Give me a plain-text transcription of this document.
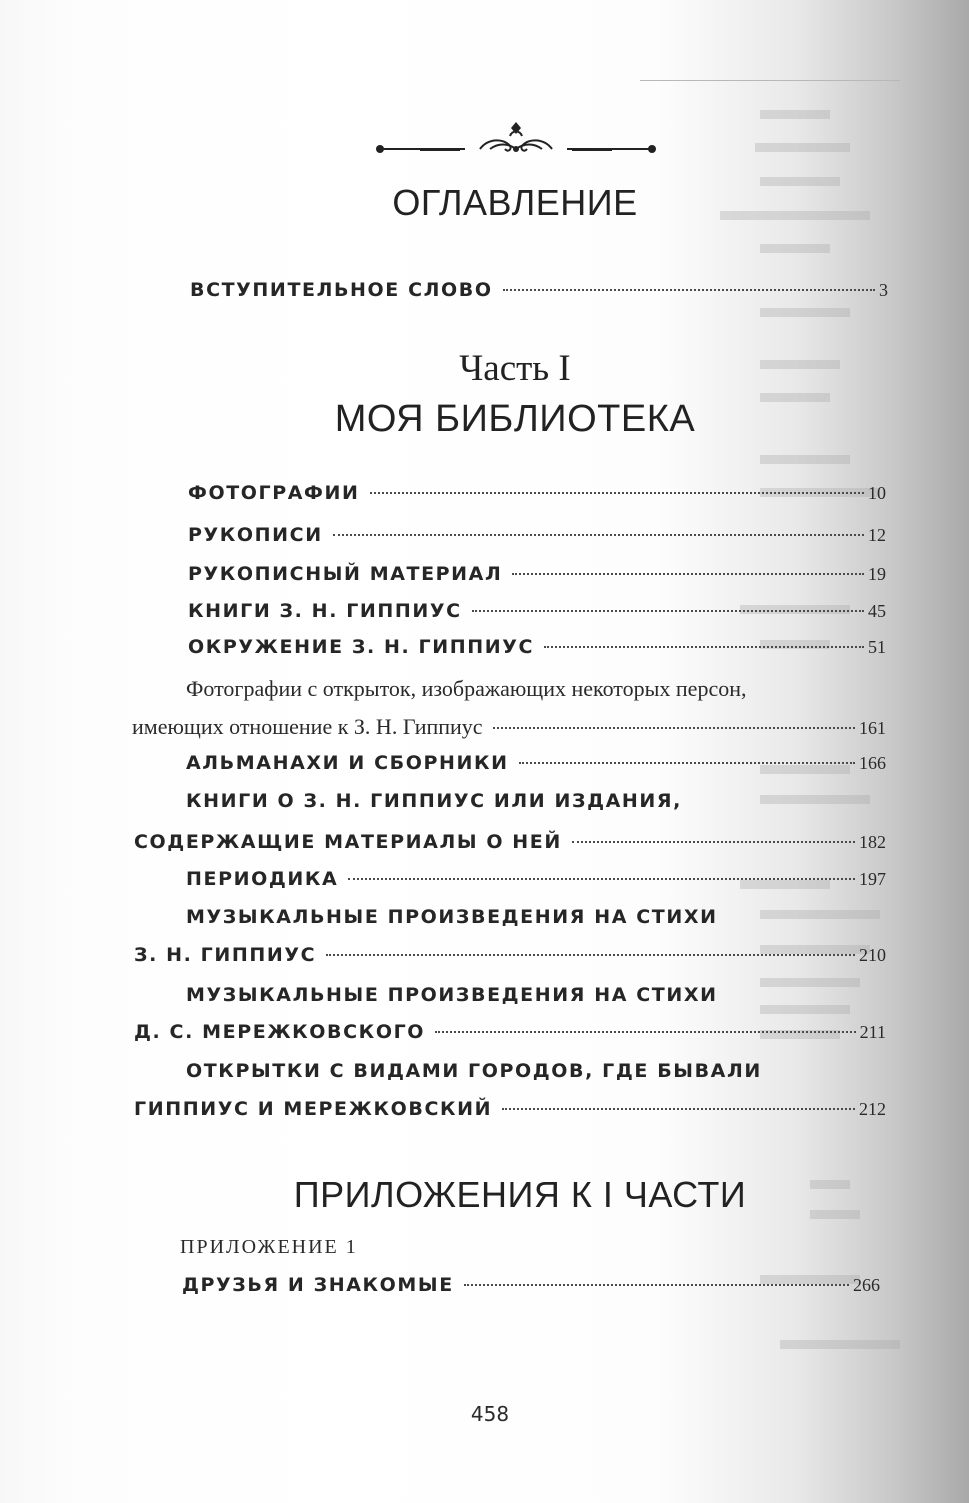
ОГЛАВЛЕНИЕ
ВСТУПИТЕЛЬНОЕ СЛОВО	3
Часть I
МОЯ БИБЛИОТЕКА
ФОТОГРАФИИ	10
РУКОПИСИ	12
РУКОПИСНЫЙ МАТЕРИАЛ	19
КНИГИ З. Н. ГИППИУС	45
ОКРУЖЕНИЕ З. Н. ГИППИУС	51
Фотографии с открыток, изображающих некоторых персон,
имеющих отношение к З. Н. Гиппиус	161
АЛЬМАНАХИ И СБОРНИКИ	166
КНИГИ О З. Н. ГИППИУС ИЛИ ИЗДАНИЯ,
СОДЕРЖАЩИЕ МАТЕРИАЛЫ О НЕЙ	182
ПЕРИОДИКА	197
МУЗЫКАЛЬНЫЕ ПРОИЗВЕДЕНИЯ НА СТИХИ
З. Н. ГИППИУС	210
МУЗЫКАЛЬНЫЕ ПРОИЗВЕДЕНИЯ НА СТИХИ
Д. С. МЕРЕЖКОВСКОГО	211
ОТКРЫТКИ С ВИДАМИ ГОРОДОВ, ГДЕ БЫВАЛИ
ГИППИУС И МЕРЕЖКОВСКИЙ	212
ПРИЛОЖЕНИЯ К I ЧАСТИ
ПРИЛОЖЕНИЕ 1
ДРУЗЬЯ И ЗНАКОМЫЕ	266
458
